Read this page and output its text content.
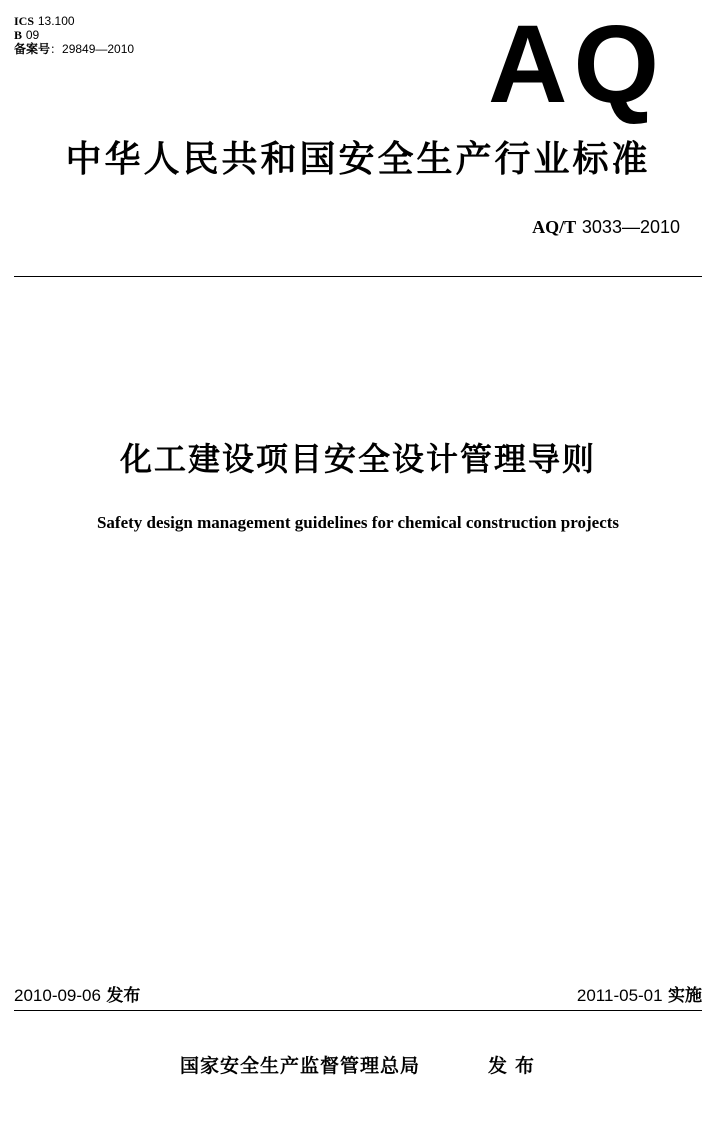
ICS 13.100
B 09
备案号：29849—2010	AQ
中华人民共和国安全生产行业标准
AQ/T 3033—2010
化工建设项目安全设计管理导则
Safety design management guidelines for chemical construction projects
2010-09-06 发布	2011-05-01 实施
国家安全生产监督管理总局	发布
